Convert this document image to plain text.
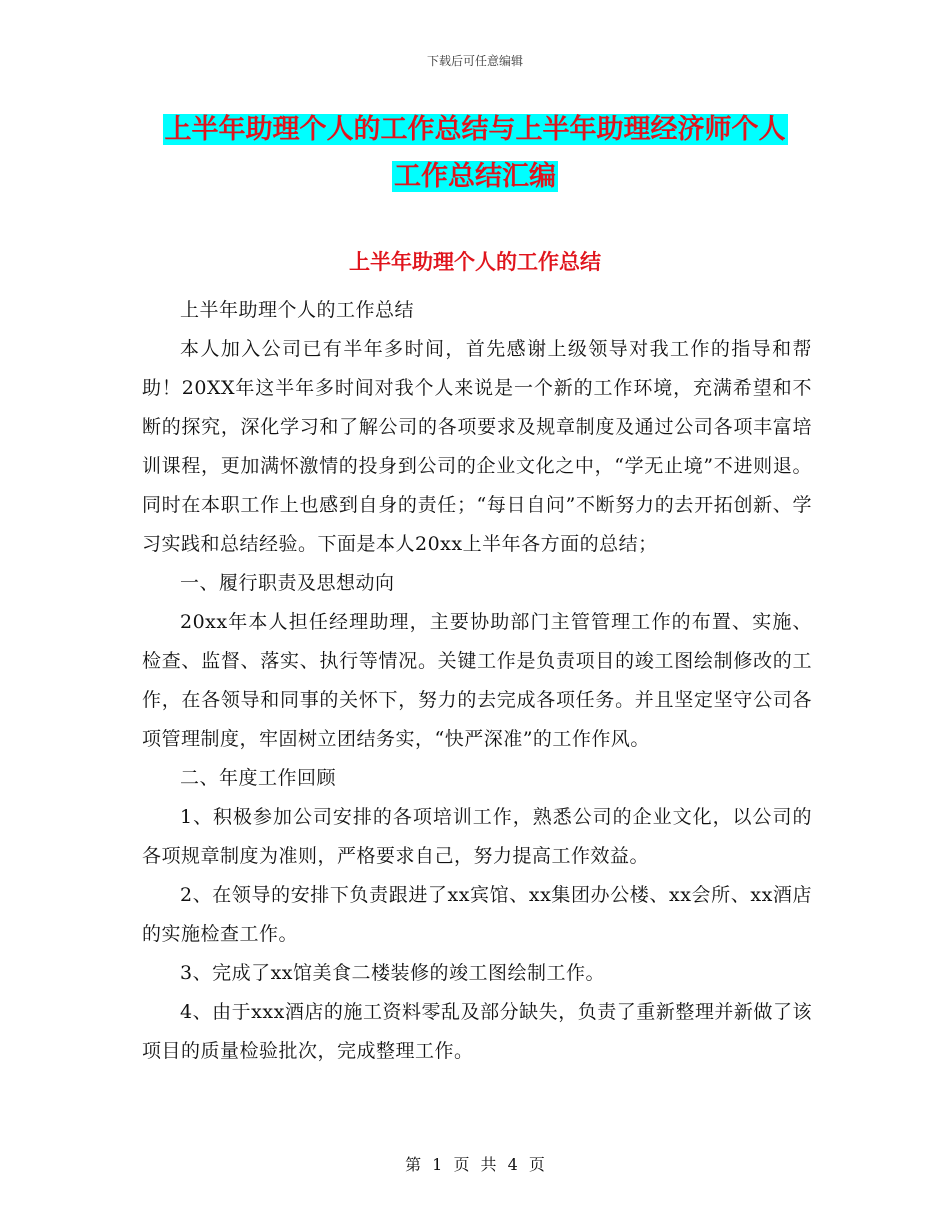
下载后可任意编辑
上半年助理个人的工作总结与上半年助理经济师个人
工作总结汇编
上半年助理个人的工作总结

上半年助理个人的工作总结

本人加入公司已有半年多时间，首先感谢上级领导对我工作的指导和帮助！20XX年这半年多时间对我个人来说是一个新的工作环境，充满希望和不断的探究，深化学习和了解公司的各项要求及规章制度及通过公司各项丰富培训课程，更加满怀激情的投身到公司的企业文化之中，“学无止境”不进则退。同时在本职工作上也感到自身的责任；“每日自问”不断努力的去开拓创新、学习实践和总结经验。下面是本人20xx上半年各方面的总结；

一、履行职责及思想动向

20xx年本人担任经理助理，主要协助部门主管管理工作的布置、实施、检查、监督、落实、执行等情况。关键工作是负责项目的竣工图绘制修改的工作，在各领导和同事的关怀下，努力的去完成各项任务。并且坚定坚守公司各项管理制度，牢固树立团结务实，“快严深准”的工作作风。

二、年度工作回顾

1、积极参加公司安排的各项培训工作，熟悉公司的企业文化，以公司的各项规章制度为准则，严格要求自己，努力提高工作效益。

2、在领导的安排下负责跟进了xx宾馆、xx集团办公楼、xx会所、xx酒店的实施检查工作。

3、完成了xx馆美食二楼装修的竣工图绘制工作。

4、由于xxx酒店的施工资料零乱及部分缺失，负责了重新整理并新做了该项目的质量检验批次，完成整理工作。

第 1 页 共 4 页
